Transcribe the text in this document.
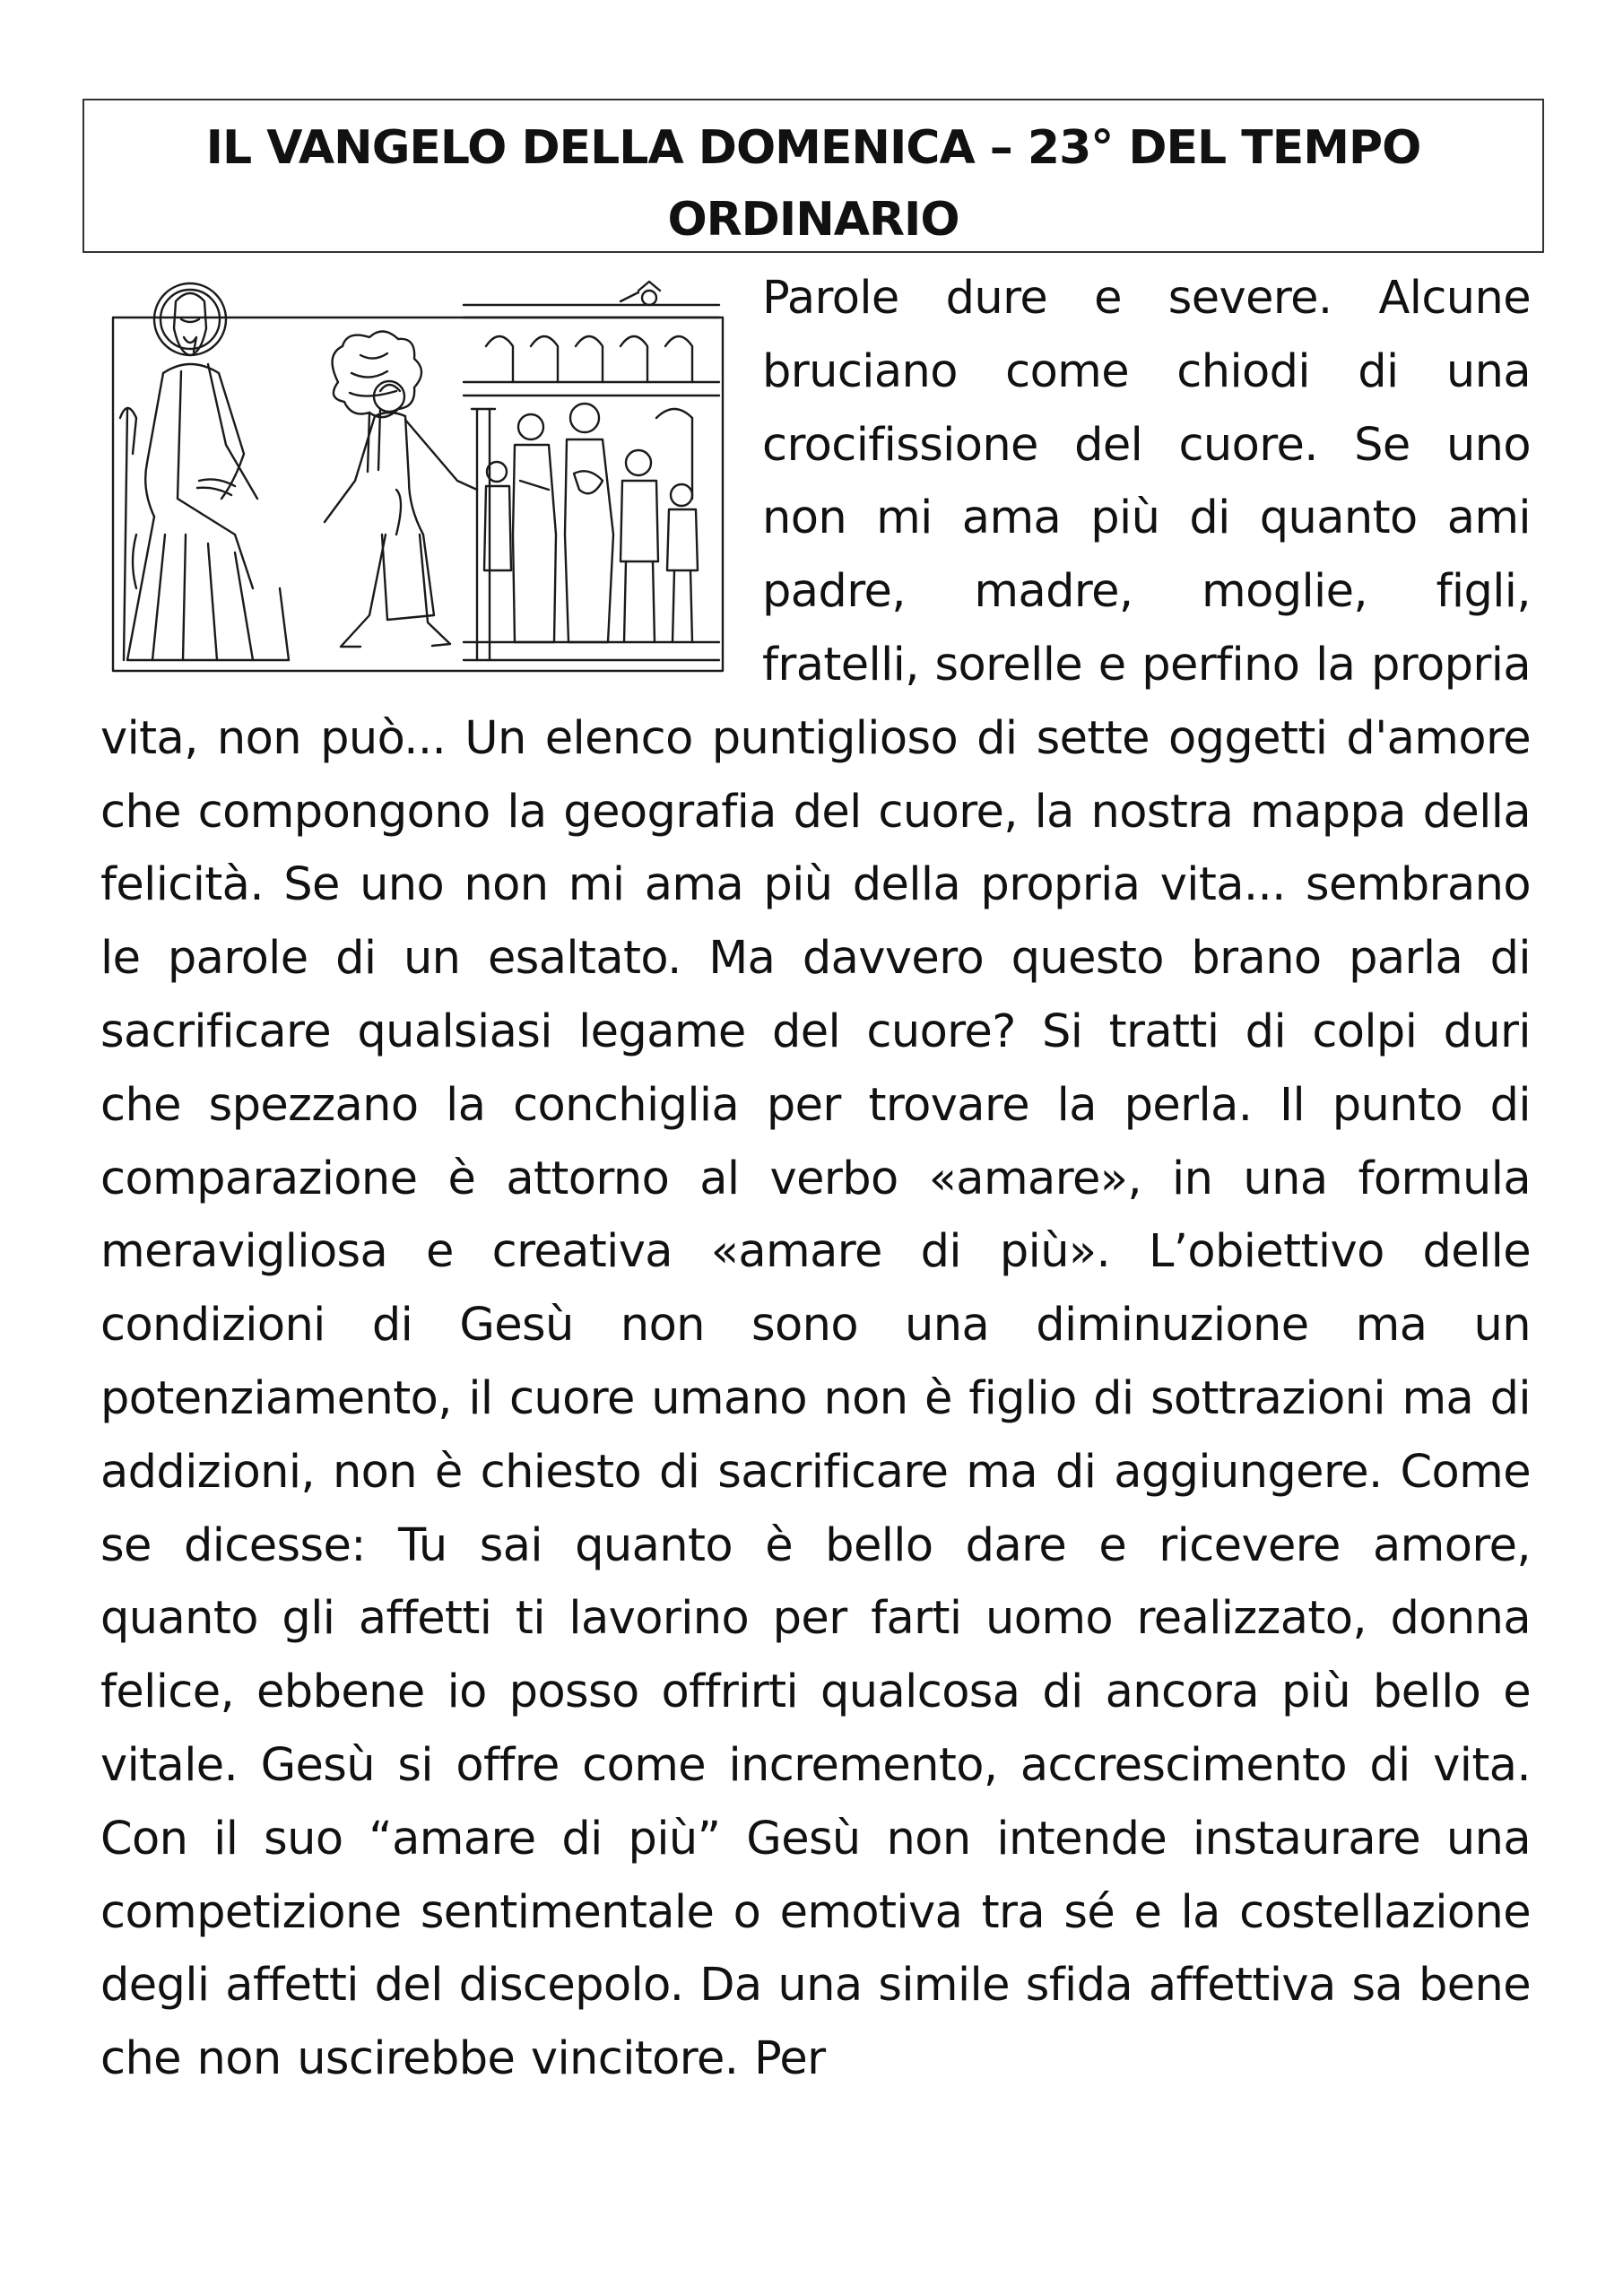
IL VANGELO DELLA DOMENICA – 23° DEL TEMPO
ORDINARIO

Parole dure e severe. Alcune bruciano come chiodi di una crocifissione del cuore. Se uno non mi ama più di quanto ami padre, madre, moglie, figli, fratelli, sorelle e perfino la propria vita, non può... Un elenco puntiglioso di sette oggetti d'amore che compongono la geografia del cuore, la nostra mappa della felicità. Se uno non mi ama più della propria vita... sembrano le parole di un esaltato. Ma davvero questo brano parla di sacrificare qualsiasi legame del cuore? Si tratti di colpi duri che spezzano la conchiglia per trovare la perla. Il punto di comparazione è attorno al verbo «amare», in una formula meravigliosa e creativa «amare di più». L’obiettivo delle condizioni di Gesù non sono una diminuzione ma un potenziamento, il cuore umano non è figlio di sottrazioni ma di addizioni, non è chiesto di sacrificare ma di aggiungere. Come se dicesse: Tu sai quanto è bello dare e ricevere amore, quanto gli affetti ti lavorino per farti uomo realizzato, donna felice, ebbene io posso offrirti qualcosa di ancora più bello e vitale. Gesù si offre come incremento, accrescimento di vita. Con il suo “amare di più” Gesù non intende instaurare una competizione sentimentale o emotiva tra sé e la costellazione degli affetti del discepolo. Da una simile sfida affettiva sa bene che non uscirebbe vincitore. Per
